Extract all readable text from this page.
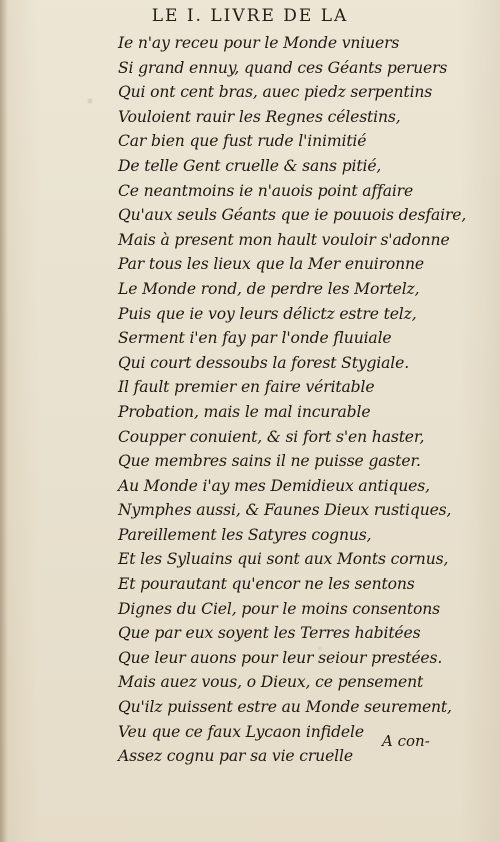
LE I. LIVRE DE LA
Ie n'ay receu pour le Monde vniuers
Si grand ennuy, quand ces Géants peruers
Qui ont cent bras, auec piedz serpentins
Vouloient rauir les Regnes célestins,
Car bien que fust rude l'inimitié
De telle Gent cruelle & sans pitié,
Ce neantmoins ie n'auois point affaire
Qu'aux seuls Géants que ie pouuois desfaire,
Mais à present mon hault vouloir s'adonne
Par tous les lieux que la Mer enuironne
Le Monde rond, de perdre les Mortelz,
Puis que ie voy leurs délictz estre telz,
Serment i'en fay par l'onde fluuiale
Qui court dessoubs la forest Stygiale.
Il fault premier en faire véritable
Probation, mais le mal incurable
Coupper conuient, & si fort s'en haster,
Que membres sains il ne puisse gaster.
Au Monde i'ay mes Demidieux antiques,
Nymphes aussi, & Faunes Dieux rustiques,
Pareillement les Satyres cognus,
Et les Syluains qui sont aux Monts cornus,
Et pourautant qu'encor ne les sentons
Dignes du Ciel, pour le moins consentons
Que par eux soyent les Terres habitées
Que leur auons pour leur seiour prestées.
Mais auez vous, o Dieux, ce pensement
Qu'ilz puissent estre au Monde seurement,
Veu que ce faux Lycaon infidele
Assez cognu par sa vie cruelle
A con-
